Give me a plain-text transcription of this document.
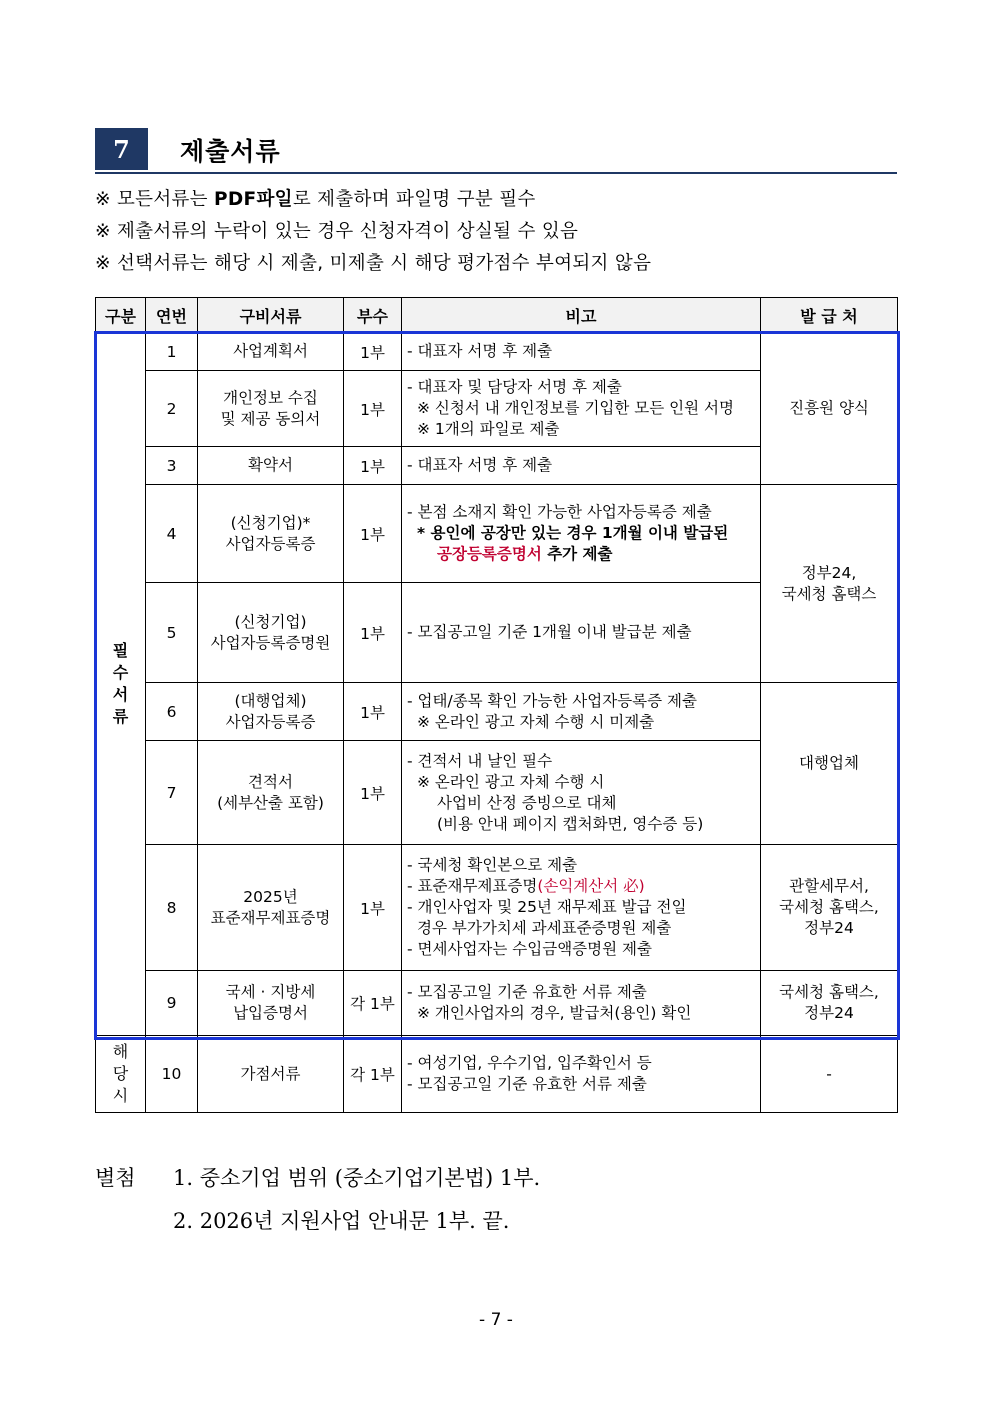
7	제출서류
※ 모든서류는 PDF파일로 제출하며 파일명 구분 필수
※ 제출서류의 누락이 있는 경우 신청자격이 상실될 수 있음
※ 선택서류는 해당 시 제출, 미제출 시 해당 평가점수 부여되지 않음
구분	연번	구비서류	부수	비고	발 급 처

필
수
서
류	1	사업계획서	1부	- 대표자 서명 후 제출	진흥원 양식

	2	개인정보 수집
및 제공 동의서	1부	- 대표자 및 담당자 서명 후 제출
※ 신청서 내 개인정보를 기입한 모든 인원 서명
※ 1개의 파일로 제출	

	3	확약서	1부	- 대표자 서명 후 제출	

	4	(신청기업)*
사업자등록증	1부	- 본점 소재지 확인 가능한 사업자등록증 제출
* 용인에 공장만 있는 경우 1개월 이내 발급된
공장등록증명서 추가 제출	정부24,
국세청 홈택스

	5	(신청기업)
사업자등록증명원	1부	- 모집공고일 기준 1개월 이내 발급분 제출	

	6	(대행업체)
사업자등록증	1부	- 업태/종목 확인 가능한 사업자등록증 제출
※ 온라인 광고 자체 수행 시 미제출	대행업체

	7	견적서
(세부산출 포함)	1부	- 견적서 내 날인 필수
※ 온라인 광고 자체 수행 시
사업비 산정 증빙으로 대체
(비용 안내 페이지 캡처화면, 영수증 등)	

	8	2025년
표준재무제표증명	1부	- 국세청 확인본으로 제출
- 표준재무제표증명(손익계산서 必)
- 개인사업자 및 25년 재무제표 발급 전일
경우 부가가치세 과세표준증명원 제출
- 면세사업자는 수입금액증명원 제출	관할세무서,
국세청 홈택스,
정부24

	9	국세 · 지방세
납입증명서	각 1부	- 모집공고일 기준 유효한 서류 제출
※ 개인사업자의 경우, 발급처(용인) 확인	국세청 홈택스,
정부24

해
당
시	10	가점서류	각 1부	- 여성기업, 우수기업, 입주확인서 등
- 모집공고일 기준 유효한 서류 제출	-
별첨 1. 중소기업 범위 (중소기업기본법) 1부.
2. 2026년 지원사업 안내문 1부. 끝.
- 7 -
